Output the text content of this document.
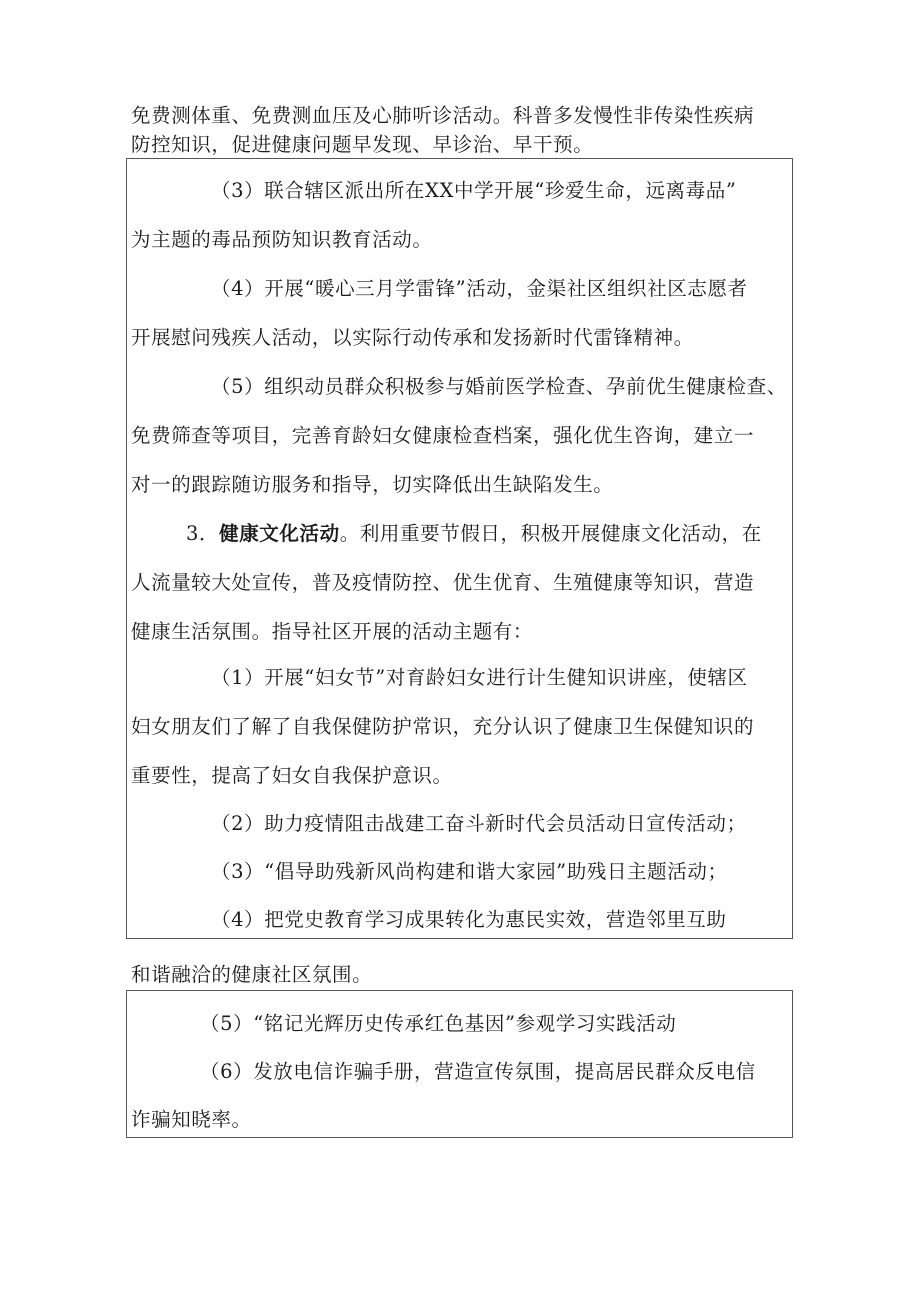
免费测体重、免费测血压及心肺听诊活动。科普多发慢性非传染性疾病
防控知识，促进健康问题早发现、早诊治、早干预。
（3）联合辖区派出所在XX中学开展“珍爱生命，远离毒品”
为主题的毒品预防知识教育活动。
（4）开展“暖心三月学雷锋”活动，金渠社区组织社区志愿者
开展慰问残疾人活动，以实际行动传承和发扬新时代雷锋精神。
（5）组织动员群众积极参与婚前医学检查、孕前优生健康检查、
免费筛查等项目，完善育龄妇女健康检查档案，强化优生咨询，建立一
对一的跟踪随访服务和指导，切实降低出生缺陷发生。
3．健康文化活动。利用重要节假日，积极开展健康文化活动，在
人流量较大处宣传，普及疫情防控、优生优育、生殖健康等知识，营造
健康生活氛围。指导社区开展的活动主题有：
（1）开展“妇女节”对育龄妇女进行计生健知识讲座，使辖区
妇女朋友们了解了自我保健防护常识，充分认识了健康卫生保健知识的
重要性，提高了妇女自我保护意识。
（2）助力疫情阻击战建工奋斗新时代会员活动日宣传活动；
（3）“倡导助残新风尚构建和谐大家园”助残日主题活动；
（4）把党史教育学习成果转化为惠民实效，营造邻里互助
和谐融洽的健康社区氛围。
（5）“铭记光辉历史传承红色基因”参观学习实践活动
（6）发放电信诈骗手册，营造宣传氛围，提高居民群众反电信
诈骗知晓率。
